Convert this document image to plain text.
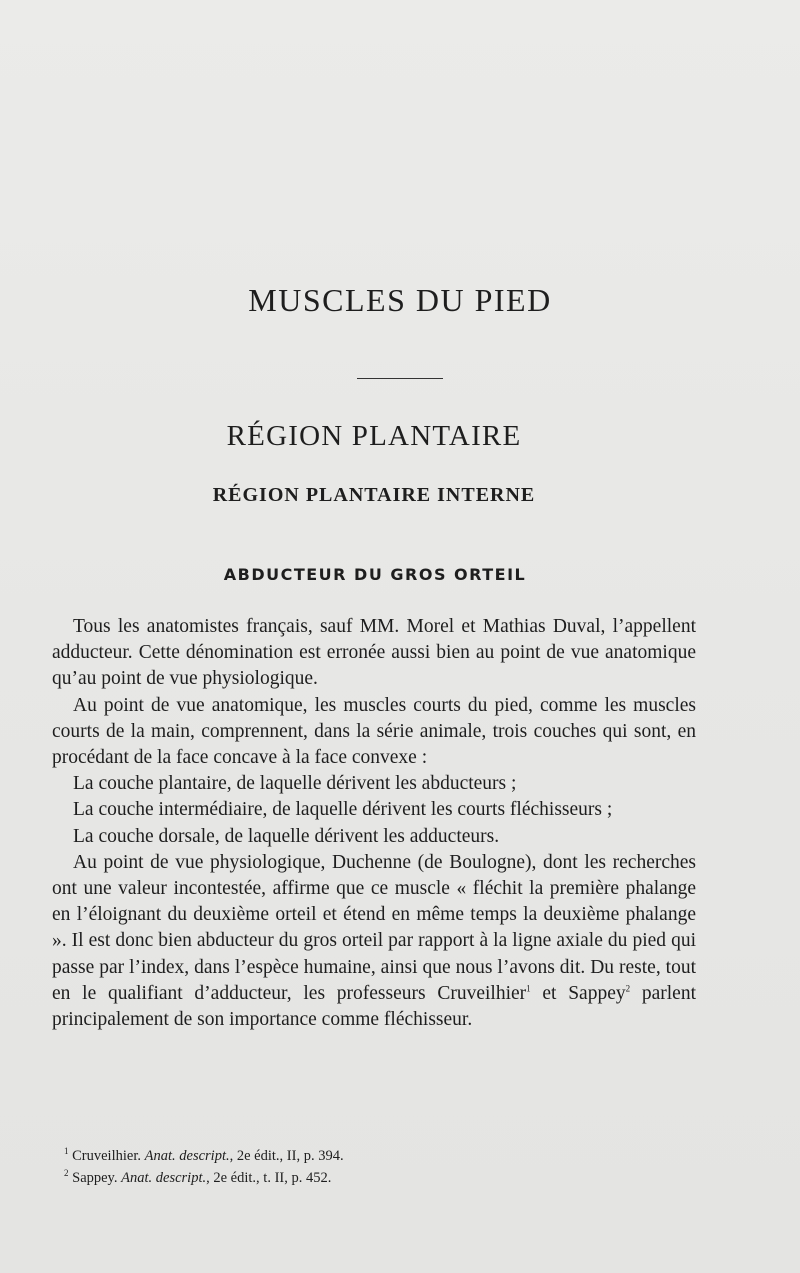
MUSCLES DU PIED
RÉGION PLANTAIRE
RÉGION PLANTAIRE INTERNE
ABDUCTEUR DU GROS ORTEIL

Tous les anatomistes français, sauf MM. Morel et Mathias Duval, l’appellent adducteur. Cette dénomination est erronée aussi bien au point de vue anatomique qu’au point de vue physiologique.

Au point de vue anatomique, les muscles courts du pied, comme les muscles courts de la main, comprennent, dans la série animale, trois couches qui sont, en procédant de la face concave à la face convexe :

La couche plantaire, de laquelle dérivent les abducteurs ;

La couche intermédiaire, de laquelle dérivent les courts fléchisseurs ;

La couche dorsale, de laquelle dérivent les adducteurs.

Au point de vue physiologique, Duchenne (de Boulogne), dont les recherches ont une valeur incontestée, affirme que ce muscle « fléchit la première phalange en l’éloignant du deuxième orteil et étend en même temps la deuxième phalange ». Il est donc bien abducteur du gros orteil par rapport à la ligne axiale du pied qui passe par l’index, dans l’espèce humaine, ainsi que nous l’avons dit. Du reste, tout en le qualifiant d’adducteur, les professeurs Cruveilhier$^1$ et Sappey$^2$ parlent principalement de son importance comme fléchisseur.

$^1$ Cruveilhier. Anat. descript., 2e édit., II, p. 394.

$^2$ Sappey. Anat. descript., 2e édit., t. II, p. 452.
